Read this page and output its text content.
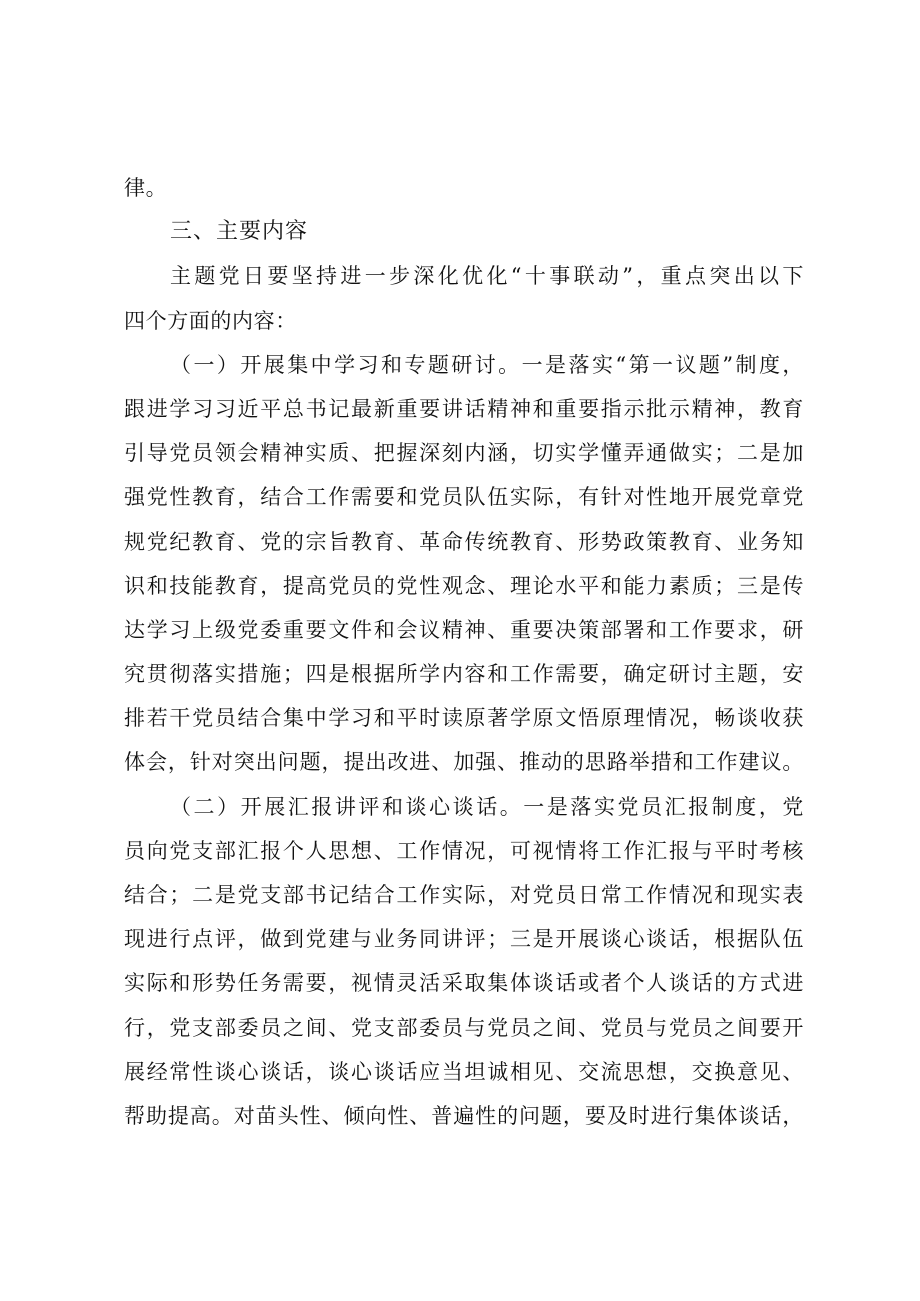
律。
三、主要内容
主题党日要坚持进一步深化优化“十事联动”，重点突出以下
四个方面的内容：
（一）开展集中学习和专题研讨。一是落实“第一议题”制度，
跟进学习习近平总书记最新重要讲话精神和重要指示批示精神，教育
引导党员领会精神实质、把握深刻内涵，切实学懂弄通做实；二是加
强党性教育，结合工作需要和党员队伍实际，有针对性地开展党章党
规党纪教育、党的宗旨教育、革命传统教育、形势政策教育、业务知
识和技能教育，提高党员的党性观念、理论水平和能力素质；三是传
达学习上级党委重要文件和会议精神、重要决策部署和工作要求，研
究贯彻落实措施；四是根据所学内容和工作需要，确定研讨主题，安
排若干党员结合集中学习和平时读原著学原文悟原理情况，畅谈收获
体会，针对突出问题，提出改进、加强、推动的思路举措和工作建议。
（二）开展汇报讲评和谈心谈话。一是落实党员汇报制度，党
员向党支部汇报个人思想、工作情况，可视情将工作汇报与平时考核
结合；二是党支部书记结合工作实际，对党员日常工作情况和现实表
现进行点评，做到党建与业务同讲评；三是开展谈心谈话，根据队伍
实际和形势任务需要，视情灵活采取集体谈话或者个人谈话的方式进
行，党支部委员之间、党支部委员与党员之间、党员与党员之间要开
展经常性谈心谈话，谈心谈话应当坦诚相见、交流思想，交换意见、
帮助提高。对苗头性、倾向性、普遍性的问题，要及时进行集体谈话，
